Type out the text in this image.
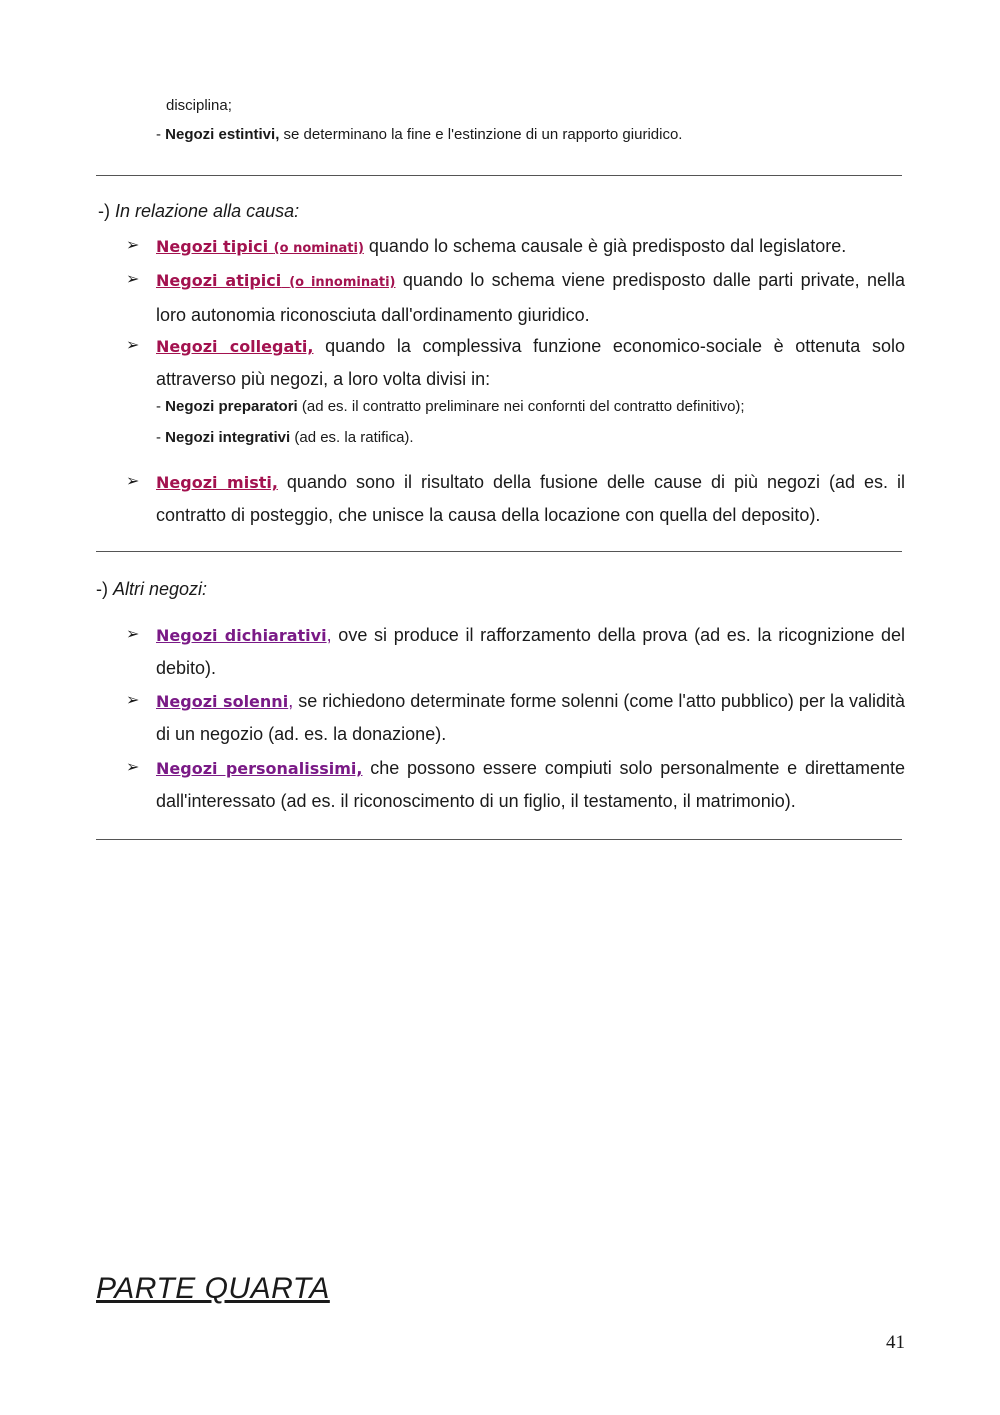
disciplina;
- Negozi estintivi, se determinano la fine e l'estinzione di un rapporto giuridico.
-) In relazione alla causa:
➢ Negozi tipici (o nominati) quando lo schema causale è già predisposto dal legislatore.
➢ Negozi atipici (o innominati) quando lo schema viene predisposto dalle parti private, nella loro autonomia riconosciuta dall'ordinamento giuridico.
➢ Negozi collegati, quando la complessiva funzione economico-sociale è ottenuta solo attraverso più negozi, a loro volta divisi in:
- Negozi preparatori (ad es. il contratto preliminare nei confornti del contratto definitivo);
- Negozi integrativi (ad es. la ratifica).
➢ Negozi misti, quando sono il risultato della fusione delle cause di più negozi (ad es. il contratto di posteggio, che unisce la causa della locazione con quella del deposito).
-) Altri negozi:
➢ Negozi dichiarativi, ove si produce il rafforzamento della prova (ad es. la ricognizione del debito).
➢ Negozi solenni, se richiedono determinate forme solenni (come l'atto pubblico) per la validità di un negozio (ad. es. la donazione).
➢ Negozi personalissimi, che possono essere compiuti solo personalmente e direttamente dall'interessato (ad es. il riconoscimento di un figlio, il testamento, il matrimonio).
PARTE QUARTA
41
